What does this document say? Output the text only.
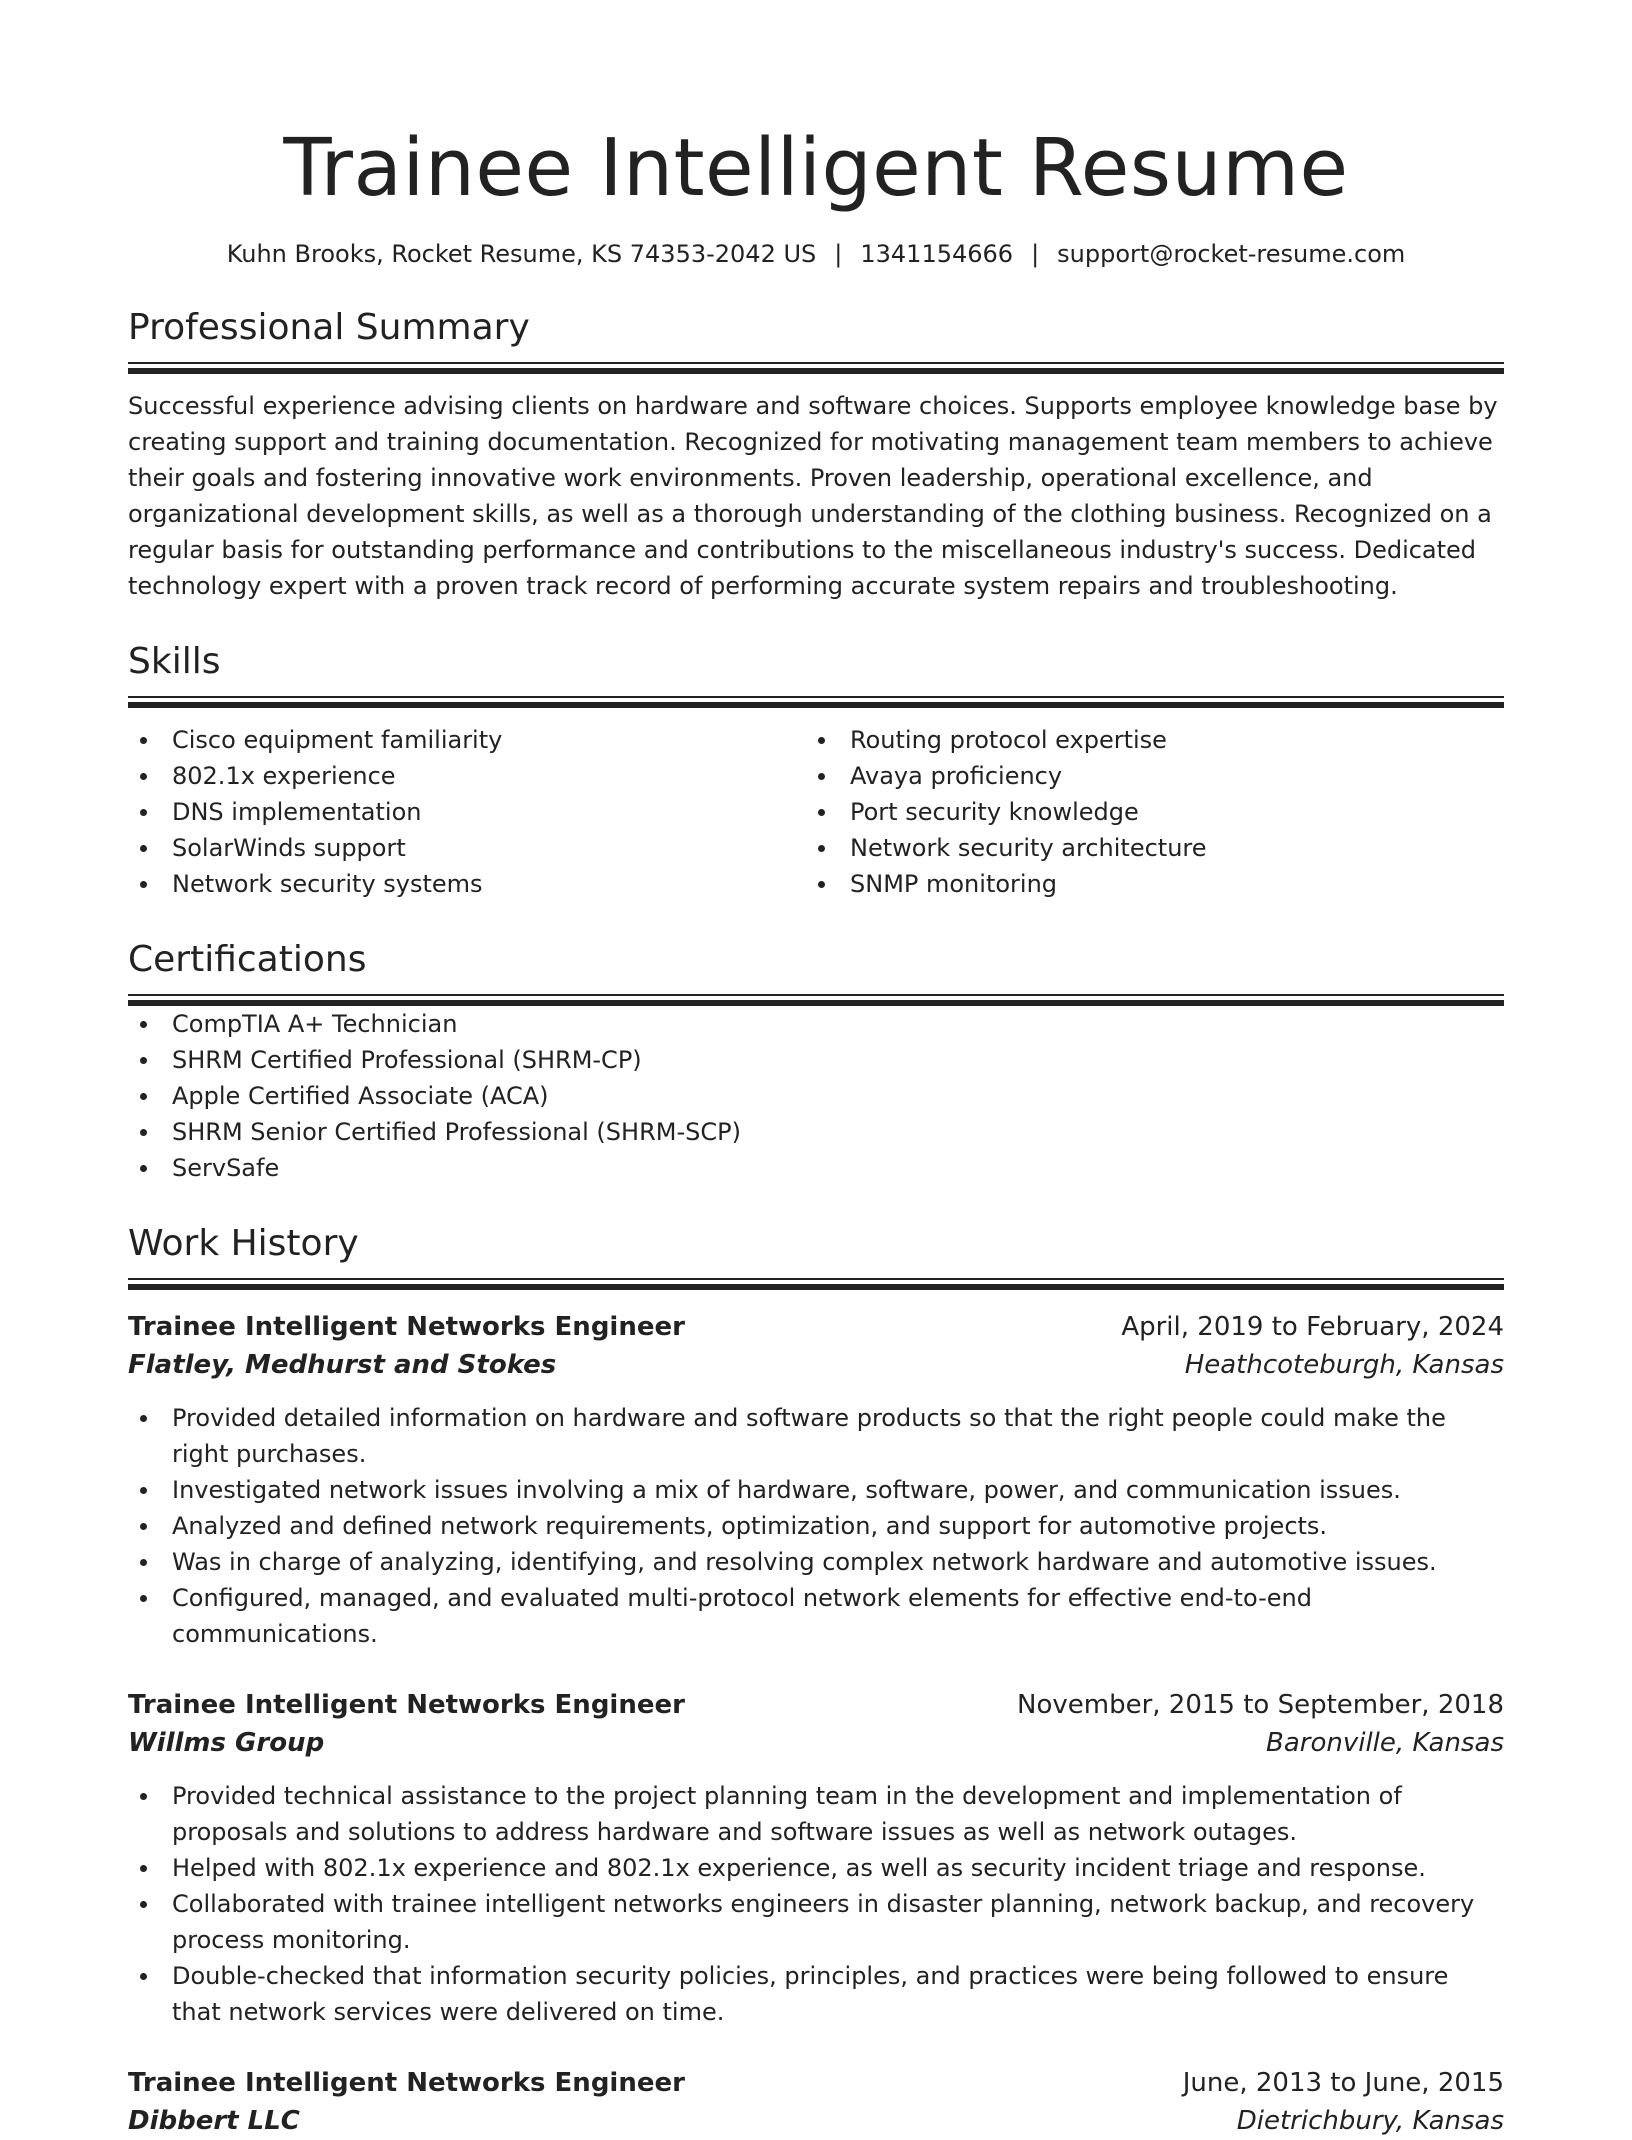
Trainee Intelligent Resume
Kuhn Brooks, Rocket Resume, KS 74353-2042 US | 1341154666 | support@rocket-resume.com
Professional Summary
Successful experience advising clients on hardware and software choices. Supports employee knowledge base by creating support and training documentation. Recognized for motivating management team members to achieve their goals and fostering innovative work environments. Proven leadership, operational excellence, and organizational development skills, as well as a thorough understanding of the clothing business. Recognized on a regular basis for outstanding performance and contributions to the miscellaneous industry's success. Dedicated technology expert with a proven track record of performing accurate system repairs and troubleshooting.
Skills
Cisco equipment familiarity
802.1x experience
DNS implementation
SolarWinds support
Network security systems
Routing protocol expertise
Avaya proficiency
Port security knowledge
Network security architecture
SNMP monitoring
Certifications
CompTIA A+ Technician
SHRM Certified Professional (SHRM-CP)
Apple Certified Associate (ACA)
SHRM Senior Certified Professional (SHRM-SCP)
ServSafe
Work History
Trainee Intelligent Networks Engineer	April, 2019 to February, 2024
Flatley, Medhurst and Stokes	Heathcoteburgh, Kansas
Provided detailed information on hardware and software products so that the right people could make the right purchases.
Investigated network issues involving a mix of hardware, software, power, and communication issues.
Analyzed and defined network requirements, optimization, and support for automotive projects.
Was in charge of analyzing, identifying, and resolving complex network hardware and automotive issues.
Configured, managed, and evaluated multi-protocol network elements for effective end-to-end communications.
Trainee Intelligent Networks Engineer	November, 2015 to September, 2018
Willms Group	Baronville, Kansas
Provided technical assistance to the project planning team in the development and implementation of proposals and solutions to address hardware and software issues as well as network outages.
Helped with 802.1x experience and 802.1x experience, as well as security incident triage and response.
Collaborated with trainee intelligent networks engineers in disaster planning, network backup, and recovery process monitoring.
Double-checked that information security policies, principles, and practices were being followed to ensure that network services were delivered on time.
Trainee Intelligent Networks Engineer	June, 2013 to June, 2015
Dibbert LLC	Dietrichbury, Kansas
